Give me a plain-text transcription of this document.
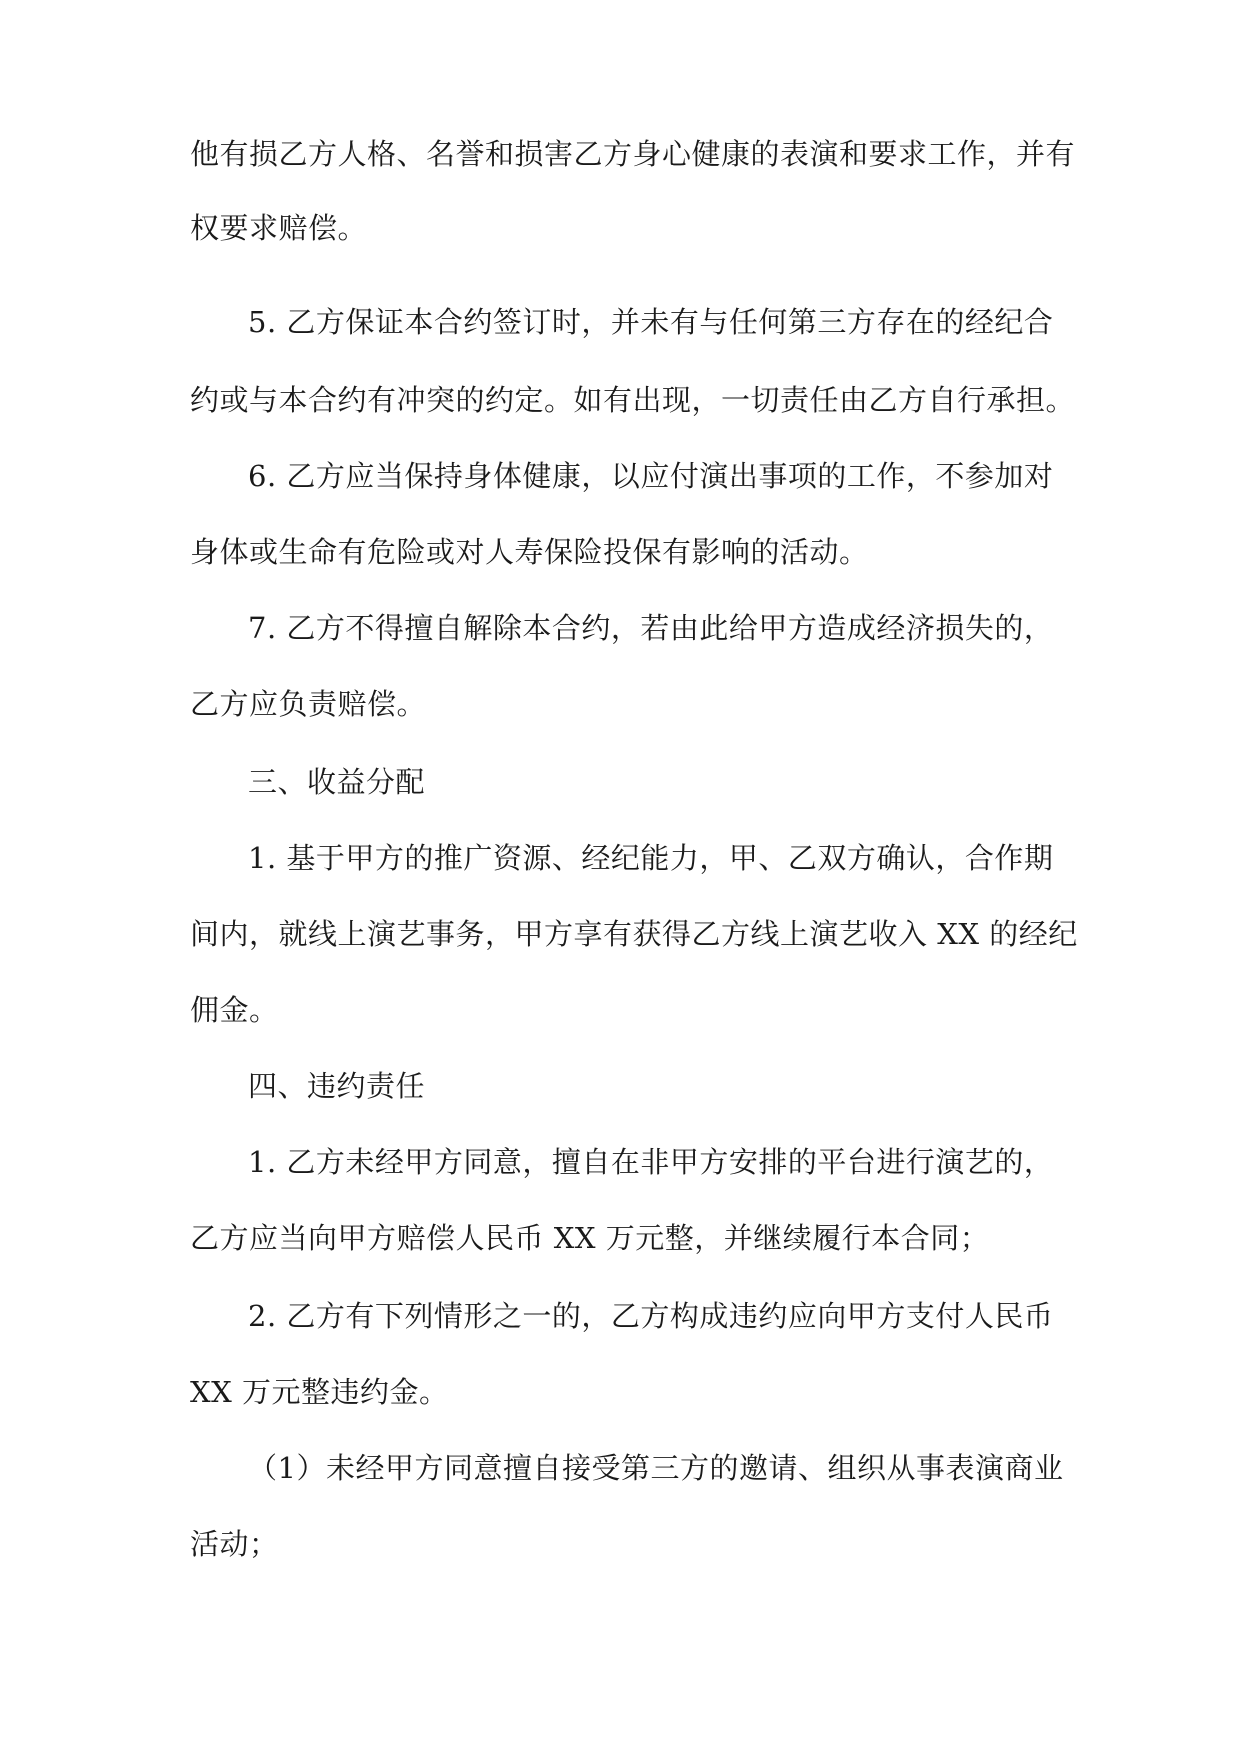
他有损乙方人格、名誉和损害乙方身心健康的表演和要求工作，并有
权要求赔偿。
5. 乙方保证本合约签订时，并未有与任何第三方存在的经纪合
约或与本合约有冲突的约定。如有出现，一切责任由乙方自行承担。
6. 乙方应当保持身体健康，以应付演出事项的工作，不参加对
身体或生命有危险或对人寿保险投保有影响的活动。
7. 乙方不得擅自解除本合约，若由此给甲方造成经济损失的，
乙方应负责赔偿。
三、收益分配
1. 基于甲方的推广资源、经纪能力，甲、乙双方确认，合作期
间内，就线上演艺事务，甲方享有获得乙方线上演艺收入 XX 的经纪
佣金。
四、违约责任
1. 乙方未经甲方同意，擅自在非甲方安排的平台进行演艺的，
乙方应当向甲方赔偿人民币 XX 万元整，并继续履行本合同；
2. 乙方有下列情形之一的，乙方构成违约应向甲方支付人民币
XX 万元整违约金。
（1）未经甲方同意擅自接受第三方的邀请、组织从事表演商业
活动；
